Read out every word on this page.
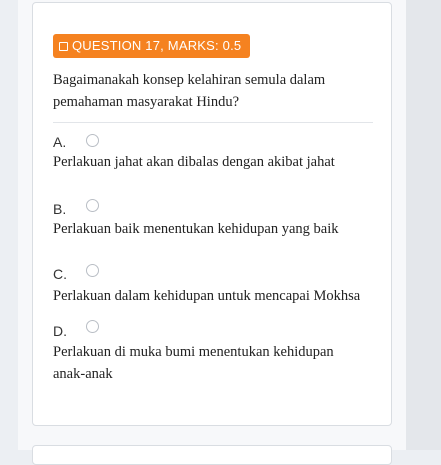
QUESTION 17, MARKS: 0.5
Bagaimanakah konsep kelahiran semula dalam pemahaman masyarakat Hindu?
A.
Perlakuan jahat akan dibalas dengan akibat jahat
B.
Perlakuan baik menentukan kehidupan yang baik
C.
Perlakuan dalam kehidupan untuk mencapai Mokhsa
D.
Perlakuan di muka bumi menentukan kehidupan anak-anak
